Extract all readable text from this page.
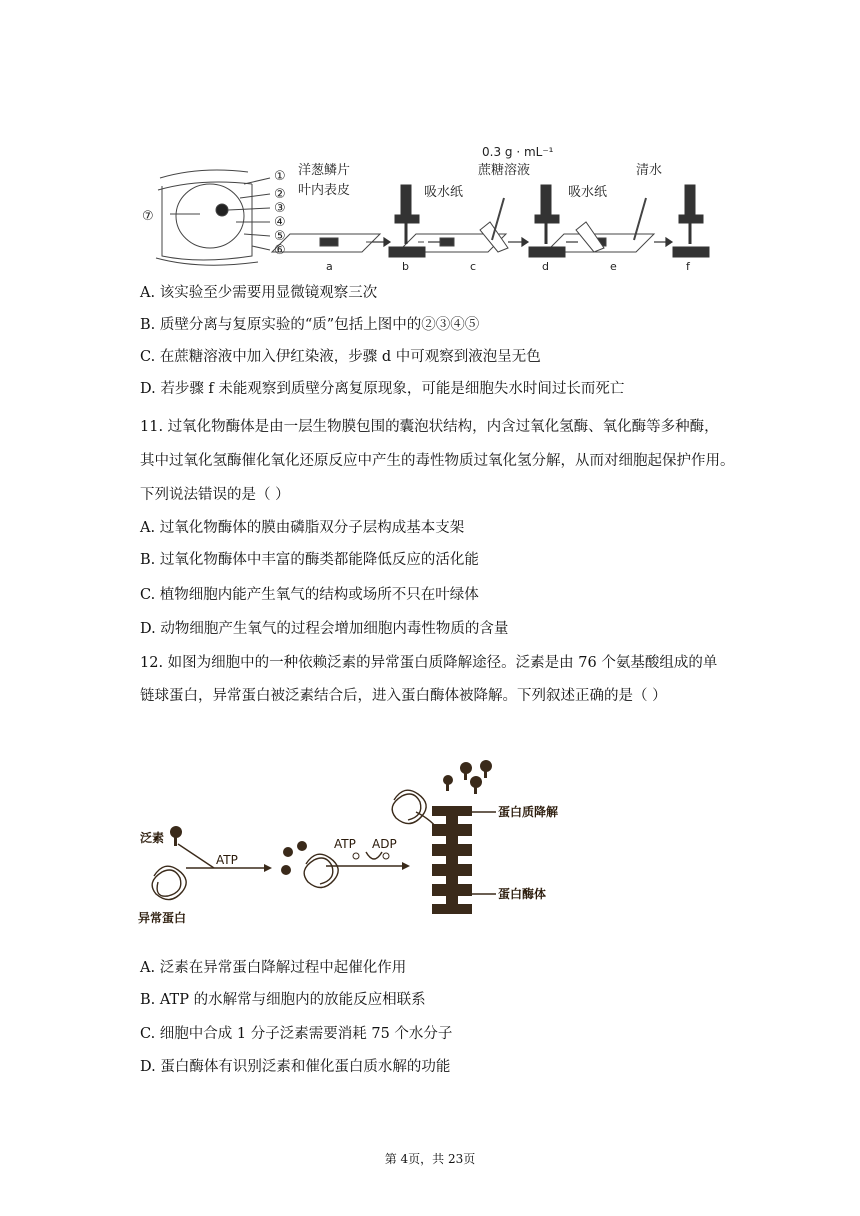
①
②
③
④
⑤
⑥
⑦
洋葱鳞片
叶内表皮	吸水纸
0.3 g · mL⁻¹
蔗糖溶液
吸水纸
清水
a	b	c	d	e	f
A. 该实验至少需要用显微镜观察三次
B. 质壁分离与复原实验的“质”包括上图中的②③④⑤
C. 在蔗糖溶液中加入伊红染液，步骤 d 中可观察到液泡呈无色
D. 若步骤 f 未能观察到质壁分离复原现象，可能是细胞失水时间过长而死亡
11. 过氧化物酶体是由一层生物膜包围的囊泡状结构，内含过氧化氢酶、氧化酶等多种酶，
其中过氧化氢酶催化氧化还原反应中产生的毒性物质过氧化氢分解，从而对细胞起保护作用。
下列说法错误的是（ ）
A. 过氧化物酶体的膜由磷脂双分子层构成基本支架
B. 过氧化物酶体中丰富的酶类都能降低反应的活化能
C. 植物细胞内能产生氧气的结构或场所不只在叶绿体
D. 动物细胞产生氧气的过程会增加细胞内毒性物质的含量
12. 如图为细胞中的一种依赖泛素的异常蛋白质降解途径。泛素是由 76 个氨基酸组成的单
链球蛋白，异常蛋白被泛素结合后，进入蛋白酶体被降解。下列叙述正确的是（ ）
泛素
异常蛋白
ATP
ATP ADP
蛋白质降解
蛋白酶体
A. 泛素在异常蛋白降解过程中起催化作用
B. ATP 的水解常与细胞内的放能反应相联系
C. 细胞中合成 1 分子泛素需要消耗 75 个水分子
D. 蛋白酶体有识别泛素和催化蛋白质水解的功能
第 4页，共 23页
